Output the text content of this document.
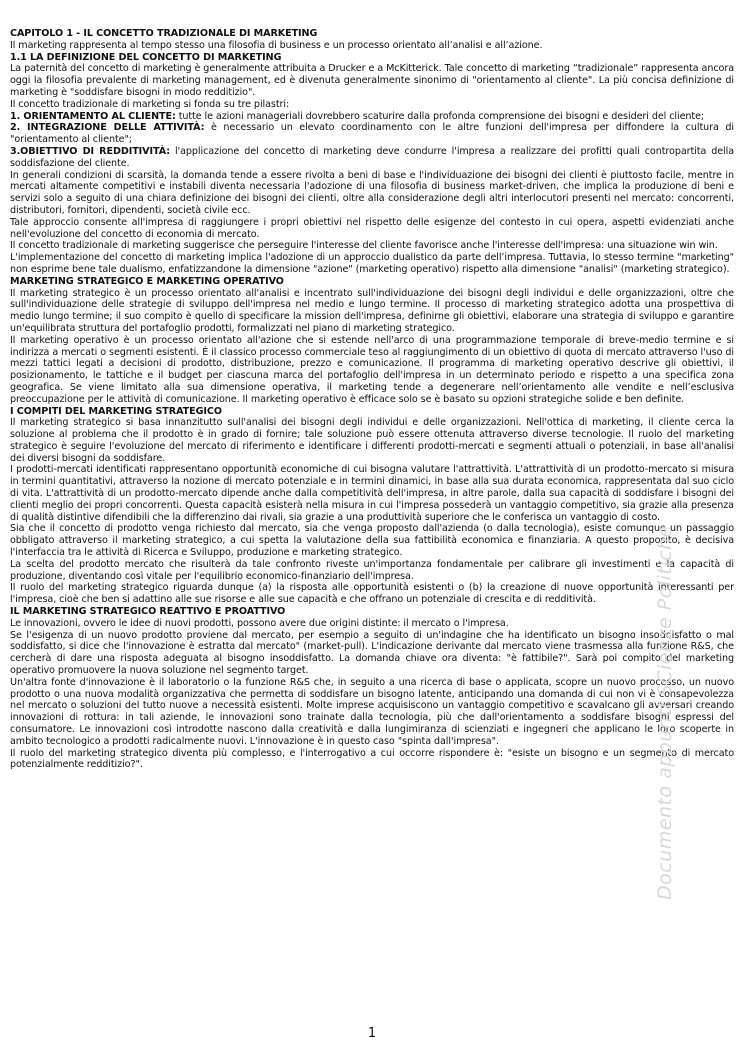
CAPITOLO 1 - IL CONCETTO TRADIZIONALE DI MARKETING

Il marketing rappresenta al tempo stesso una filosofia di business e un processo orientato all’analisi e all’azione.

1.1 LA DEFINIZIONE DEL CONCETTO DI MARKETING

La paternità del concetto di marketing è generalmente attribuita a Drucker e a McKitterick. Tale concetto di marketing “tradizionale” rappresenta ancora oggi la filosofia prevalente di marketing management, ed è divenuta generalmente sinonimo di "orientamento al cliente". La più concisa definizione di marketing è "soddisfare bisogni in modo redditizio".

Il concetto tradizionale di marketing si fonda su tre pilastri:

1. ORIENTAMENTO AL CLIENTE: tutte le azioni manageriali dovrebbero scaturire dalla profonda comprensione dei bisogni e desideri del cliente;

2. INTEGRAZIONE DELLE ATTIVITÀ: è necessario un elevato coordinamento con le altre funzioni dell'impresa per diffondere la cultura di "orientamento al cliente";

3.OBIETTIVO DI REDDITIVITÀ: l'applicazione del concetto di marketing deve condurre l'impresa a realizzare dei profitti quali contropartita della soddisfazione del cliente.

In generali condizioni di scarsità, la domanda tende a essere rivolta a beni di base e l'individuazione dei bisogni dei clienti è piuttosto facile, mentre in mercati altamente competitivi e instabili diventa necessaria l'adozione di una filosofia di business market-driven, che implica la produzione di beni e servizi solo a seguito di una chiara definizione dei bisogni dei clienti, oltre alla considerazione degli altri interlocutori presenti nel mercato: concorrenti, distributori, fornitori, dipendenti, società civile ecc.

Tale approccio consente all'impresa di raggiungere i propri obiettivi nel rispetto delle esigenze del contesto in cui opera, aspetti evidenziati anche nell'evoluzione del concetto di economia di mercato.

Il concetto tradizionale di marketing suggerisce che perseguire l'interesse del cliente favorisce anche l'interesse dell'impresa: una situazione win win.

L'implementazione del concetto di marketing implica l'adozione di un approccio dualistico da parte dell’impresa. Tuttavia, lo stesso termine "marketing" non esprime bene tale dualismo, enfatizzandone la dimensione "azione" (marketing operativo) rispetto alla dimensione "analisi" (marketing strategico).

MARKETING STRATEGICO E MARKETING OPERATIVO

Il marketing strategico è un processo orientato all'analisi e incentrato sull'individuazione dei bisogni degli individui e delle organizzazioni, oltre che sull'individuazione delle strategie di sviluppo dell'impresa nel medio e lungo termine. Il processo di marketing strategico adotta una prospettiva di medio lungo termine; il suo compito è quello di specificare la mission dell'impresa, definirne gli obiettivi, elaborare una strategia di sviluppo e garantire un'equilibrata struttura del portafoglio prodotti, formalizzati nel piano di marketing strategico.

Il marketing operativo è un processo orientato all'azione che si estende nell'arco di una programmazione temporale di breve-medio termine e si indirizza a mercati o segmenti esistenti. È il classico processo commerciale teso al raggiungimento di un obiettivo di quota di mercato attraverso l'uso di mezzi tattici legati a decisioni di prodotto, distribuzione, prezzo e comunicazione. Il programma di marketing operativo descrive gli obiettivi, il posizionamento, le tattiche e il budget per ciascuna marca del portafoglio dell'impresa in un determinato periodo e rispetto a una specifica zona geografica. Se viene limitato alla sua dimensione operativa, il marketing tende a degenerare nell’orientamento alle vendite e nell’esclusiva preoccupazione per le attività di comunicazione. Il marketing operativo è efficace solo se è basato su opzioni strategiche solide e ben definite.

I COMPITI DEL MARKETING STRATEGICO

Il marketing strategico si basa innanzitutto sull'analisi dei bisogni degli individui e delle organizzazioni. Nell'ottica di marketing, il cliente cerca la soluzione al problema che il prodotto è in grado di fornire; tale soluzione può essere ottenuta attraverso diverse tecnologie. Il ruolo del marketing strategico è seguire l'evoluzione del mercato di riferimento e identificare i differenti prodotti-mercati e segmenti attuali o potenziali, in base all'analisi dei diversi bisogni da soddisfare.

I prodotti-mercati identificati rappresentano opportunità economiche di cui bisogna valutare l'attrattività. L'attrattività di un prodotto-mercato si misura in termini quantitativi, attraverso la nozione di mercato potenziale e in termini dinamici, in base alla sua durata economica, rappresentata dal suo ciclo di vita. L'attrattività di un prodotto-mercato dipende anche dalla competitività dell'impresa, in altre parole, dalla sua capacità di soddisfare i bisogni dei clienti meglio dei propri concorrenti. Questa capacità esisterà nella misura in cui l'impresa possederà un vantaggio competitivo, sia grazie alla presenza di qualità distintive difendibili che la differenzino dai rivali, sia grazie a una produttività superiore che le conferisca un vantaggio di costo.

Sia che il concetto di prodotto venga richiesto dal mercato, sia che venga proposto dall'azienda (o dalla tecnologia), esiste comunque un passaggio obbligato attraverso il marketing strategico, a cui spetta la valutazione della sua fattibilità economica e finanziaria. A questo proposito, è decisiva l'interfaccia tra le attività di Ricerca e Sviluppo, produzione e marketing strategico.

La scelta del prodotto mercato che risulterà da tale confronto riveste un'importanza fondamentale per calibrare gli investimenti e la capacità di produzione, diventando così vitale per l'equilibrio economico-finanziario dell'impresa.

Il ruolo del marketing strategico riguarda dunque (a) la risposta alle opportunità esistenti o (b) la creazione di nuove opportunità interessanti per l'impresa, cioè che ben si adattino alle sue risorse e alle sue capacità e che offrano un potenziale di crescita e di redditività.

IL MARKETING STRATEGICO REATTIVO E PROATTIVO

Le innovazioni, ovvero le idee di nuovi prodotti, possono avere due origini distinte: il mercato o l'impresa.

Se l'esigenza di un nuovo prodotto proviene dal mercato, per esempio a seguito di un'indagine che ha identificato un bisogno insoddisfatto o mal soddisfatto, si dice che l'innovazione è estratta dal mercato" (market-pull). L'indicazione derivante dal mercato viene trasmessa alla funzione R&S, che cercherà di dare una risposta adeguata al bisogno insoddisfatto. La domanda chiave ora diventa: "è fattibile?". Sarà poi compito del marketing operativo promuovere la nuova soluzione nel segmento target.

Un'altra fonte d'innovazione è il laboratorio o la funzione R&S che, in seguito a una ricerca di base o applicata, scopre un nuovo processo, un nuovo prodotto o una nuova modalità organizzativa che permetta di soddisfare un bisogno latente, anticipando una domanda di cui non vi è consapevolezza nel mercato o soluzioni del tutto nuove a necessità esistenti. Molte imprese acquisiscono un vantaggio competitivo e scavalcano gli avversari creando innovazioni di rottura: in tali aziende, le innovazioni sono trainate dalla tecnologia, più che dall'orientamento a soddisfare bisogni espressi del consumatore. Le innovazioni così introdotte nascono dalla creatività e dalla lungimiranza di scienziati e ingegneri che applicano le loro scoperte in ambito tecnologico a prodotti radicalmente nuovi. L'innovazione è in questo caso "spinta dall'impresa".

Il ruolo del marketing strategico diventa più complesso, e l'interrogativo a cui occorre rispondere è: "esiste un bisogno e un segmento di mercato potenzialmente redditizio?".	Documento appunti SCienze Politiche
1
